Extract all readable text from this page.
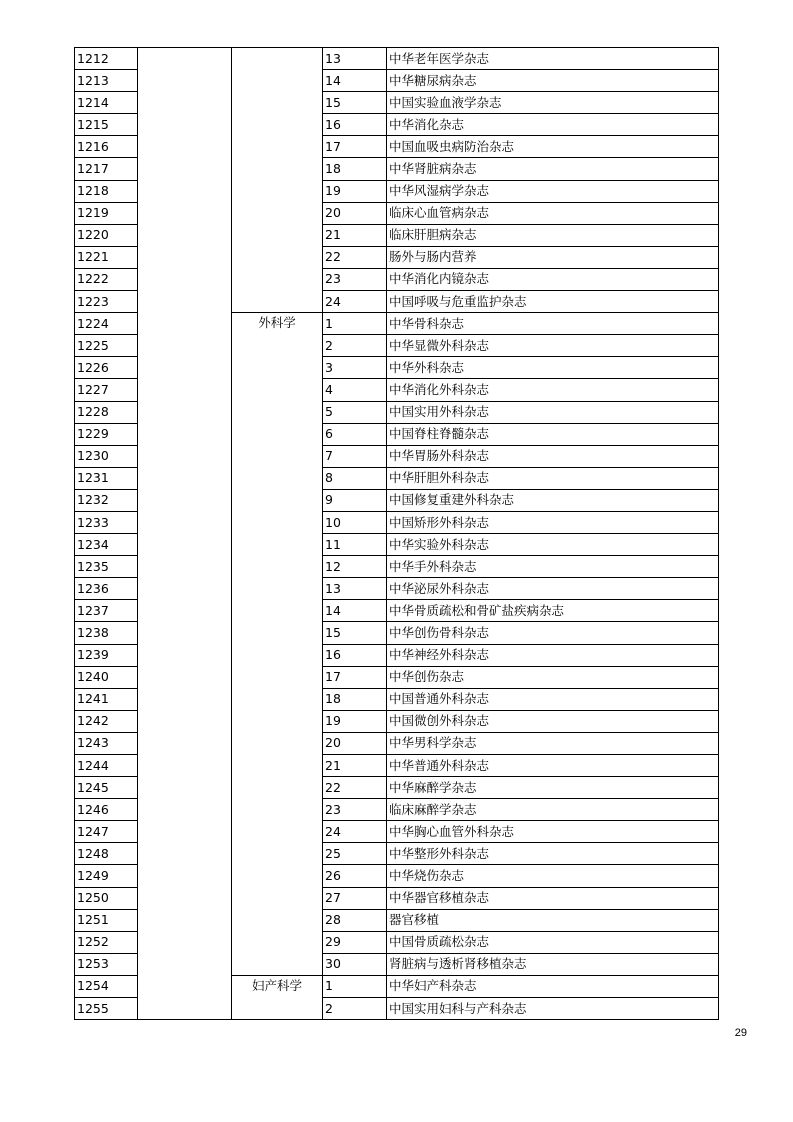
1212			13	中华老年医学杂志
1213			14	中华糖尿病杂志
1214			15	中国实验血液学杂志
1215			16	中华消化杂志
1216			17	中国血吸虫病防治杂志
1217			18	中华肾脏病杂志
1218			19	中华风湿病学杂志
1219			20	临床心血管病杂志
1220			21	临床肝胆病杂志
1221			22	肠外与肠内营养
1222			23	中华消化内镜杂志
1223			24	中国呼吸与危重监护杂志
1224		外科学	1	中华骨科杂志
1225			2	中华显微外科杂志
1226			3	中华外科杂志
1227			4	中华消化外科杂志
1228			5	中国实用外科杂志
1229			6	中国脊柱脊髓杂志
1230			7	中华胃肠外科杂志
1231			8	中华肝胆外科杂志
1232			9	中国修复重建外科杂志
1233			10	中国矫形外科杂志
1234			11	中华实验外科杂志
1235			12	中华手外科杂志
1236			13	中华泌尿外科杂志
1237			14	中华骨质疏松和骨矿盐疾病杂志
1238			15	中华创伤骨科杂志
1239			16	中华神经外科杂志
1240			17	中华创伤杂志
1241			18	中国普通外科杂志
1242			19	中国微创外科杂志
1243			20	中华男科学杂志
1244			21	中华普通外科杂志
1245			22	中华麻醉学杂志
1246			23	临床麻醉学杂志
1247			24	中华胸心血管外科杂志
1248			25	中华整形外科杂志
1249			26	中华烧伤杂志
1250			27	中华器官移植杂志
1251			28	器官移植
1252			29	中国骨质疏松杂志
1253			30	肾脏病与透析肾移植杂志
1254		妇产科学	1	中华妇产科杂志
1255			2	中国实用妇科与产科杂志
29
